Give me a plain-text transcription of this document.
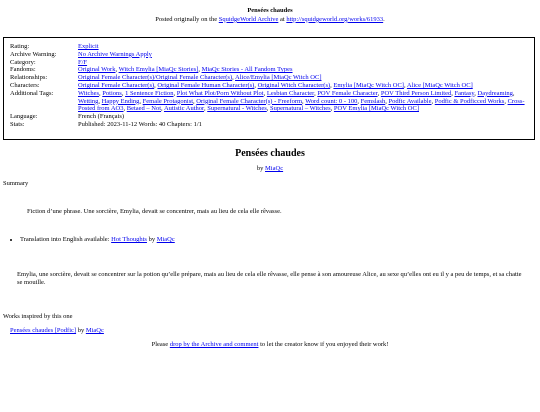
Pensées chaudes
Posted originally on the SquidgeWorld Archive at http://squidgeworld.org/works/61933.
Rating:	Explicit
Archive Warning:	No Archive Warnings Apply
Category:	F/F
Fandoms:	Original Work, Witch Emylia [MiaQc Stories], MiaQc Stories - All Fandom Types
Relationships:	Original Female Character(s)/Original Female Character(s), Alice/Emylia [MiaQc Witch OC]
Characters:	Original Female Character(s), Original Female Human Character(s), Original Witch Character(s), Emylia [MiaQc Witch OC], Alice [MiaQc Witch OC]
Additional Tags:	Witches, Potions, 1 Sentence Fiction, Plot What Plot/Porn Without Plot, Lesbian Character, POV Female Character, POV Third Person Limited, Fantasy, Daydreaming, Wetting, Happy Ending, Female Protagonist, Original Female Character(s) - Freeform, Word count: 0 - 100, Femslash, Podfic Available, Podfic & Podficced Works, Cross-Posted from AO3, Betaed – Not, Autistic Author, Supernatural - Witches, Supernatural – Witches, POV Emylia [MiaQc Witch OC]
Language:	French (Français)
Stats:	Published: 2023-11-12 Words: 40 Chapters: 1/1
Pensées chaudes
by MiaQc
Summary
Fiction d’une phrase. Une sorcière, Emylia, devait se concentrer, mais au lieu de cela elle rêvasse.
• Translation into English available: Hot Thoughts by MiaQc
Emylia, une sorcière, devait se concentrer sur la potion qu’elle prépare, mais au lieu de cela elle rêvasse, elle pense à son amoureuse Alice, au sexe qu’elles ont eu il y a peu de temps, et sa chatte se mouille.
Works inspired by this one
Pensées chaudes [Podfic] by MiaQc
Please drop by the Archive and comment to let the creator know if you enjoyed their work!
